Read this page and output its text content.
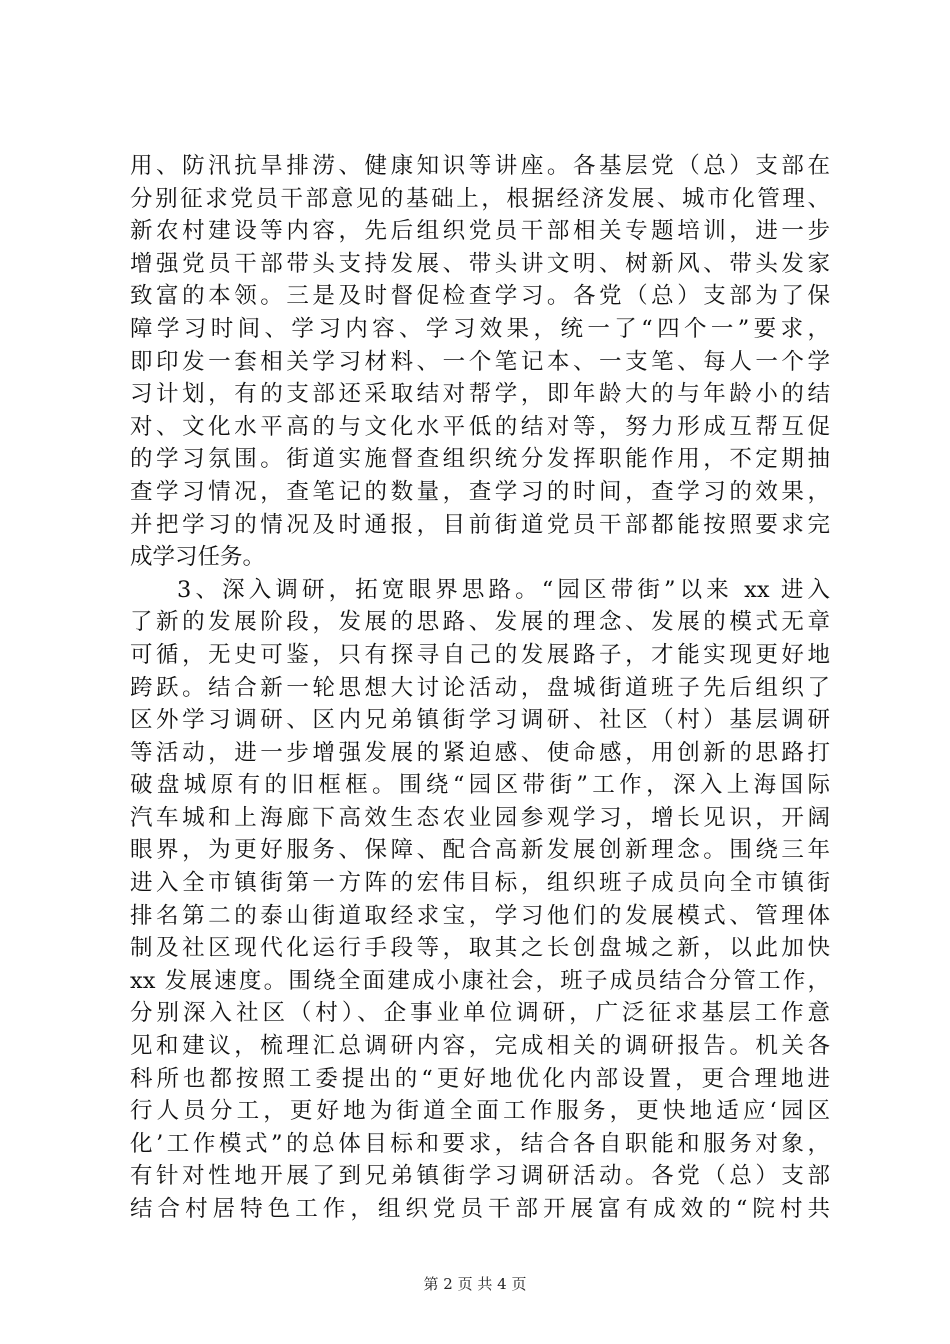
用、防汛抗旱排涝、健康知识等讲座。各基层党（总）支部在
分别征求党员干部意见的基础上，根据经济发展、城市化管理、
新农村建设等内容，先后组织党员干部相关专题培训，进一步
增强党员干部带头支持发展、带头讲文明、树新风、带头发家
致富的本领。三是及时督促检查学习。各党（总）支部为了保
障学习时间、学习内容、学习效果，统一了“四个一”要求，
即印发一套相关学习材料、一个笔记本、一支笔、每人一个学
习计划，有的支部还采取结对帮学，即年龄大的与年龄小的结
对、文化水平高的与文化水平低的结对等，努力形成互帮互促
的学习氛围。街道实施督查组织统分发挥职能作用，不定期抽
查学习情况，查笔记的数量，查学习的时间，查学习的效果，
并把学习的情况及时通报，目前街道党员干部都能按照要求完
成学习任务。
3、深入调研，拓宽眼界思路。“园区带街”以来 xx 进入
了新的发展阶段，发展的思路、发展的理念、发展的模式无章
可循，无史可鉴，只有探寻自己的发展路子，才能实现更好地
跨跃。结合新一轮思想大讨论活动，盘城街道班子先后组织了
区外学习调研、区内兄弟镇街学习调研、社区（村）基层调研
等活动，进一步增强发展的紧迫感、使命感，用创新的思路打
破盘城原有的旧框框。围绕“园区带街”工作，深入上海国际
汽车城和上海廊下高效生态农业园参观学习，增长见识，开阔
眼界，为更好服务、保障、配合高新发展创新理念。围绕三年
进入全市镇街第一方阵的宏伟目标，组织班子成员向全市镇街
排名第二的泰山街道取经求宝，学习他们的发展模式、管理体
制及社区现代化运行手段等，取其之长创盘城之新，以此加快
xx 发展速度。围绕全面建成小康社会，班子成员结合分管工作，
分别深入社区（村）、企事业单位调研，广泛征求基层工作意
见和建议，梳理汇总调研内容，完成相关的调研报告。机关各
科所也都按照工委提出的“更好地优化内部设置，更合理地进
行人员分工，更好地为街道全面工作服务，更快地适应‘园区
化’工作模式”的总体目标和要求，结合各自职能和服务对象，
有针对性地开展了到兄弟镇街学习调研活动。各党（总）支部
结合村居特色工作，组织党员干部开展富有成效的“院村共
第 2 页 共 4 页
